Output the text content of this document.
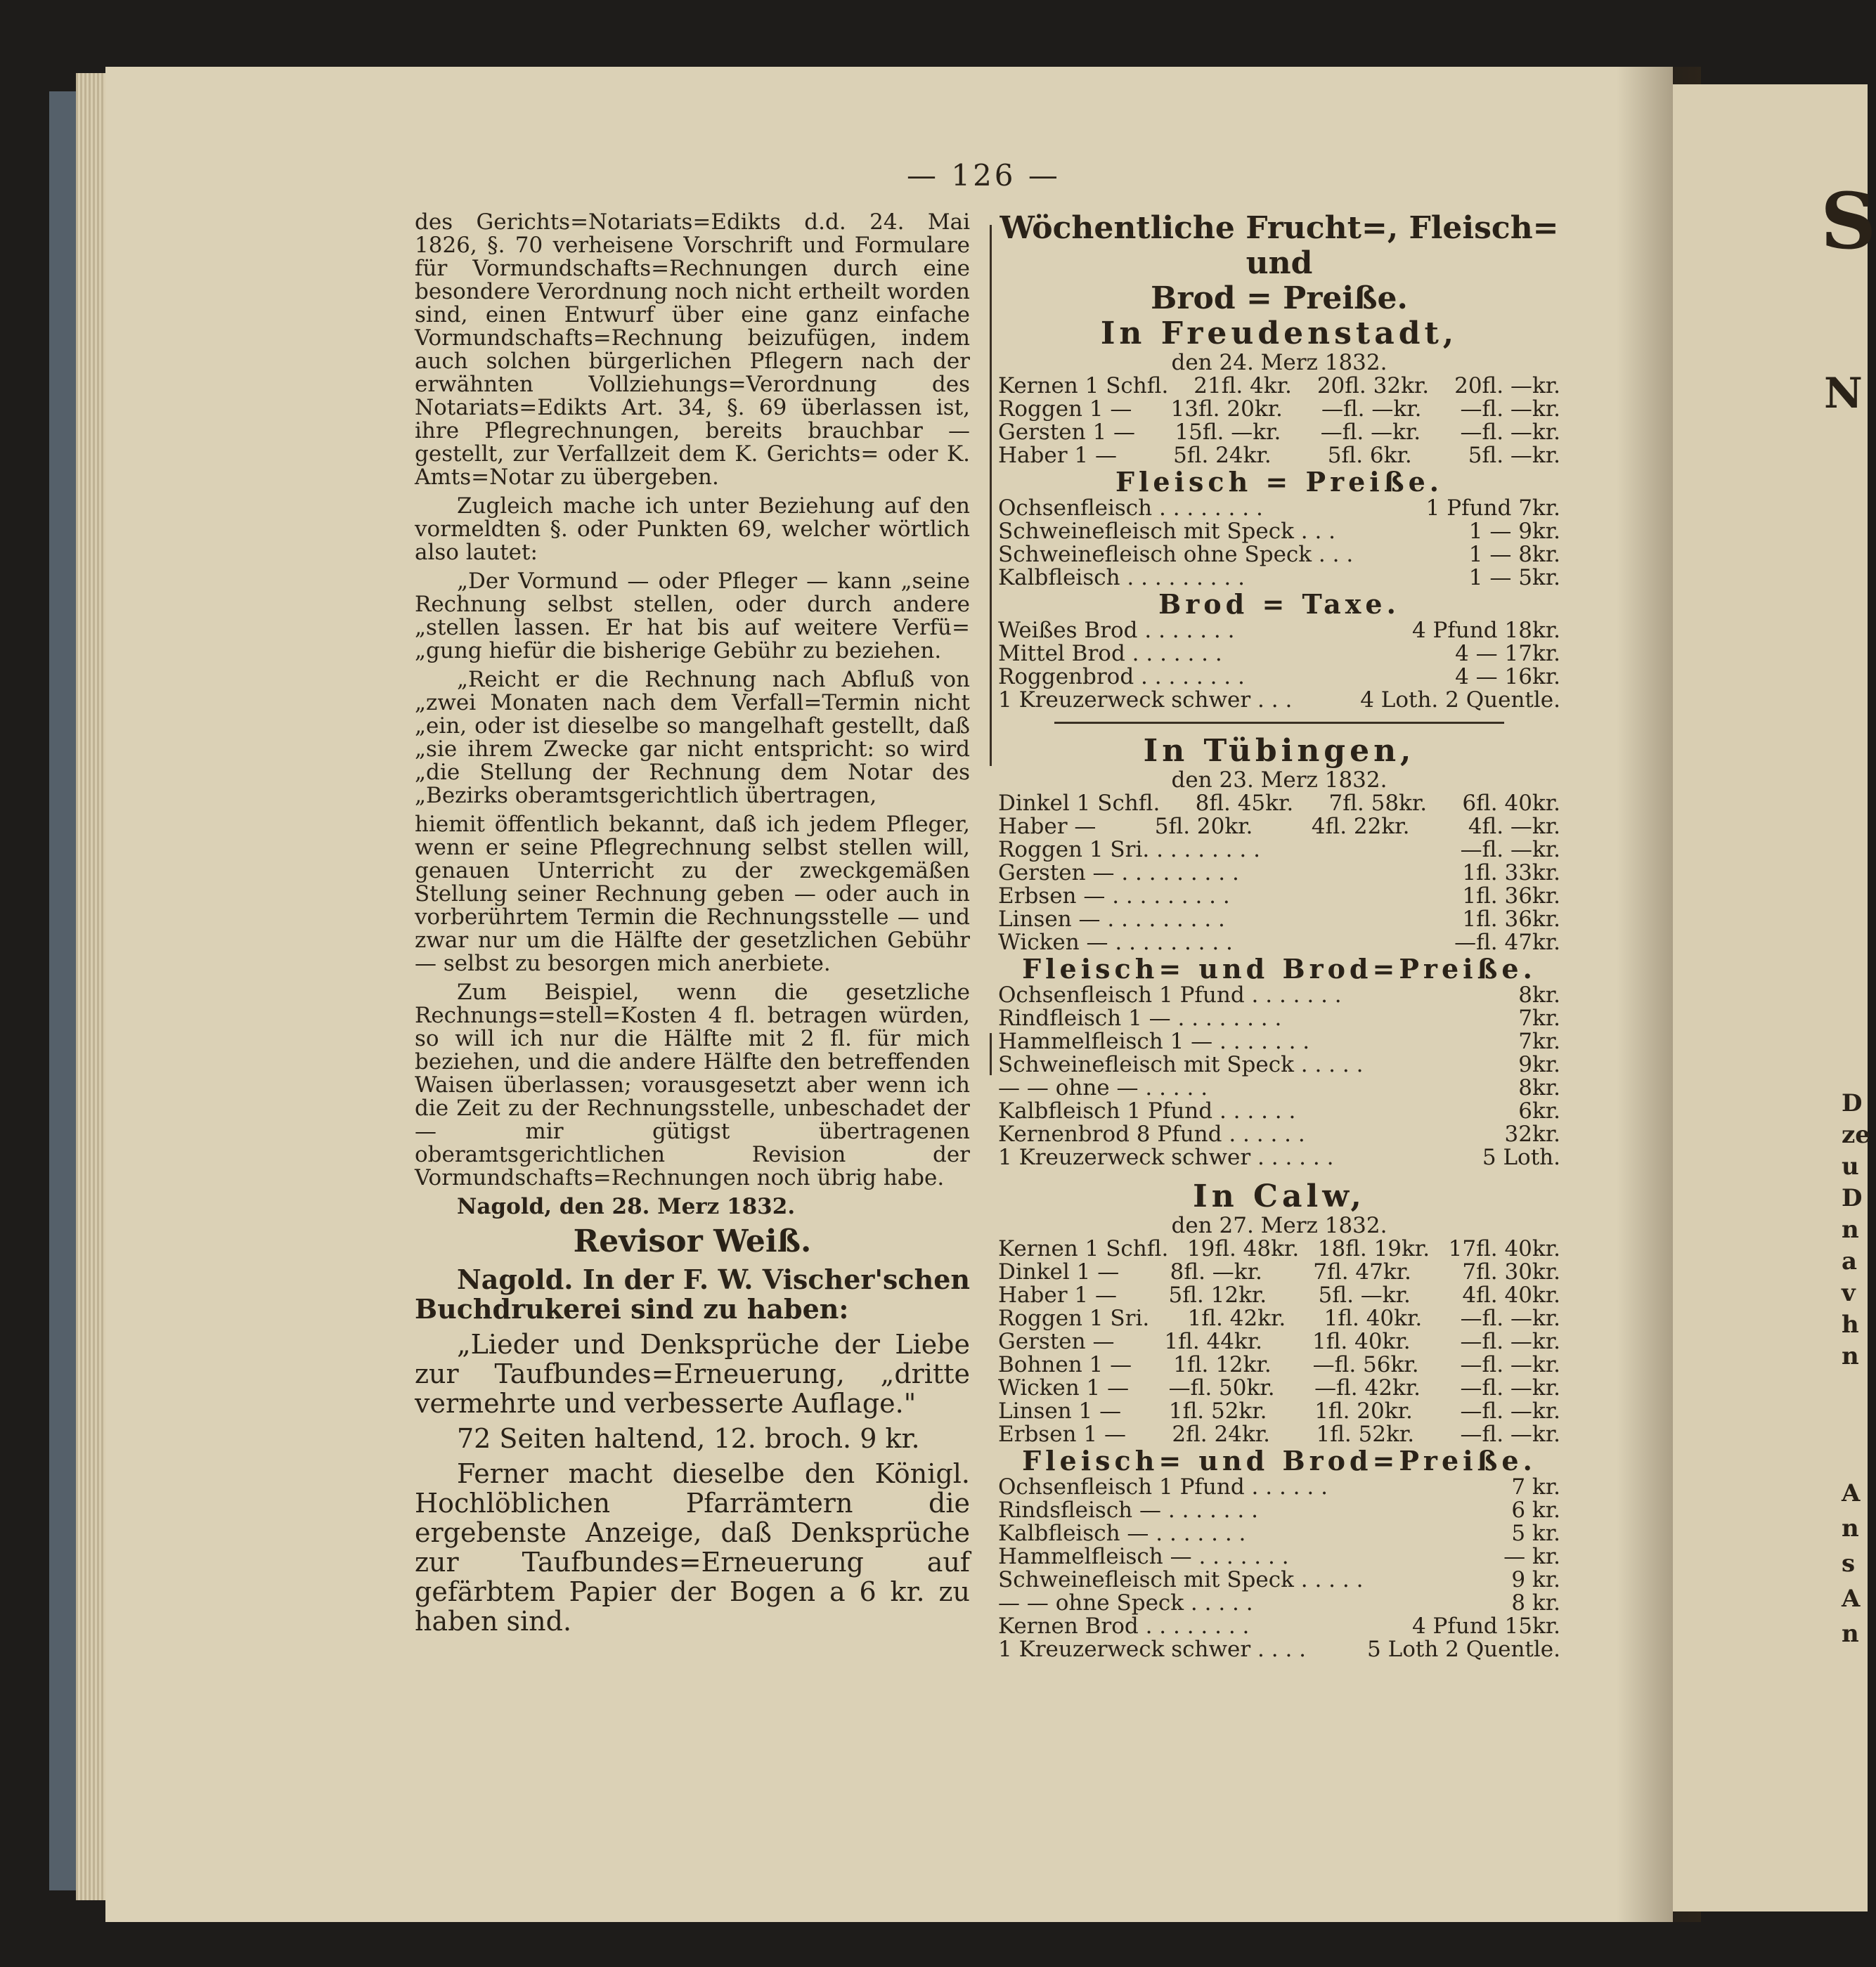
S
N
D
ze
u
D
n
a
v
h
n
A
n
s
A
n
— 126 —

des Gerichts=Notariats=Edikts d.d. 24. Mai 1826, §. 70 verheisene Vorschrift und Formulare für Vormundschafts=Rechnungen durch eine besondere Verordnung noch nicht ertheilt worden sind, einen Entwurf über eine ganz einfache Vormundschafts=Rechnung beizufügen, indem auch solchen bürgerlichen Pflegern nach der erwähnten Vollziehungs=Verordnung des Notariats=Edikts Art. 34, §. 69 überlassen ist, ihre Pflegrechnungen, bereits brauchbar — gestellt, zur Verfallzeit dem K. Gerichts= oder K. Amts=Notar zu übergeben.

Zugleich mache ich unter Beziehung auf den vormeldten §. oder Punkten 69, welcher wörtlich also lautet:

„Der Vormund — oder Pfleger — kann „seine Rechnung selbst stellen, oder durch andere „stellen lassen. Er hat bis auf weitere Verfü= „gung hiefür die bisherige Gebühr zu beziehen.

„Reicht er die Rechnung nach Abfluß von „zwei Monaten nach dem Verfall=Termin nicht „ein, oder ist dieselbe so mangelhaft gestellt, daß „sie ihrem Zwecke gar nicht entspricht: so wird „die Stellung der Rechnung dem Notar des „Bezirks oberamtsgerichtlich übertragen,

hiemit öffentlich bekannt, daß ich jedem Pfleger, wenn er seine Pflegrechnung selbst stellen will, genauen Unterricht zu der zweckgemäßen Stellung seiner Rechnung geben — oder auch in vorberührtem Termin die Rechnungsstelle — und zwar nur um die Hälfte der gesetzlichen Gebühr — selbst zu besorgen mich anerbiete.

Zum Beispiel, wenn die gesetzliche Rechnungs=stell=Kosten 4 fl. betragen würden, so will ich nur die Hälfte mit 2 fl. für mich beziehen, und die andere Hälfte den betreffenden Waisen überlassen; vorausgesetzt aber wenn ich die Zeit zu der Rechnungsstelle, unbeschadet der — mir gütigst übertragenen oberamtsgerichtlichen Revision der Vormundschafts=Rechnungen noch übrig habe.

Nagold, den 28. Merz 1832.

Revisor Weiß.

Nagold. In der F. W. Vischer'schen Buchdrukerei sind zu haben:

„Lieder und Denksprüche der Liebe zur Taufbundes=Erneuerung, „dritte vermehrte und verbesserte Auflage."

72 Seiten haltend, 12. broch. 9 kr.

Ferner macht dieselbe den Königl. Hochlöblichen Pfarrämtern die ergebenste Anzeige, daß Denksprüche zur Taufbundes=Erneuerung auf gefärbtem Papier der Bogen a 6 kr. zu haben sind.

Wöchentliche Frucht=, Fleisch= und
Brod = Preiße.
In Freudenstadt,
den 24. Merz 1832.
Kernen 1 Schfl. 21fl. 4kr. 20fl. 32kr. 20fl. —kr.
Roggen 1 — 13fl. 20kr. —fl. —kr. —fl. —kr.
Gersten 1 — 15fl. —kr. —fl. —kr. —fl. —kr.
Haber 1 —	5fl. 24kr.	5fl. 6kr.	5fl. —kr.
Fleisch = Preiße.
Ochsenfleisch . . . . . . . .	1 Pfund 7kr.
Schweinefleisch mit Speck . . .	1 — 9kr.
Schweinefleisch ohne Speck . . .	1 — 8kr.
Kalbfleisch . . . . . . . . .	1 — 5kr.
Brod = Taxe.
Weißes Brod . . . . . . .	4 Pfund 18kr.
Mittel Brod . . . . . . .	4 — 17kr.
Roggenbrod . . . . . . . .	4 — 16kr.
1 Kreuzerweck schwer . . .	4 Loth. 2 Quentle.
In Tübingen,
den 23. Merz 1832.
Dinkel 1 Schfl. 8fl. 45kr. 7fl. 58kr. 6fl. 40kr.
Haber —	5fl. 20kr.	4fl. 22kr.	4fl. —kr.
Roggen 1 Sri. . . . . . . . .	—fl. —kr.
Gersten — . . . . . . . . .	1fl. 33kr.
Erbsen — . . . . . . . . .	1fl. 36kr.
Linsen — . . . . . . . . .	1fl. 36kr.
Wicken — . . . . . . . . .	—fl. 47kr.
Fleisch= und Brod=Preiße.
Ochsenfleisch 1 Pfund . . . . . . .	8kr.
Rindfleisch 1 — . . . . . . . .	7kr.
Hammelfleisch 1 — . . . . . . .	7kr.
Schweinefleisch mit Speck . . . . .	9kr.
— — ohne — . . . . .	8kr.
Kalbfleisch 1 Pfund . . . . . .	6kr.
Kernenbrod 8 Pfund . . . . . .	32kr.
1 Kreuzerweck schwer . . . . . .	5 Loth.
In Calw,
den 27. Merz 1832.
Kernen 1 Schfl. 19fl. 48kr. 18fl. 19kr. 17fl. 40kr.
Dinkel 1 — 8fl. —kr. 7fl. 47kr. 7fl. 30kr.
Haber 1 — 5fl. 12kr. 5fl. —kr. 4fl. 40kr.
Roggen 1 Sri. 1fl. 42kr. 1fl. 40kr. —fl. —kr.
Gersten — 1fl. 44kr. 1fl. 40kr. —fl. —kr.
Bohnen 1 — 1fl. 12kr. —fl. 56kr. —fl. —kr.
Wicken 1 — —fl. 50kr. —fl. 42kr. —fl. —kr.
Linsen 1 — 1fl. 52kr. 1fl. 20kr. —fl. —kr.
Erbsen 1 — 2fl. 24kr. 1fl. 52kr. —fl. —kr.
Fleisch= und Brod=Preiße.
Ochsenfleisch 1 Pfund . . . . . .	7 kr.
Rindsfleisch — . . . . . . .	6 kr.
Kalbfleisch — . . . . . . .	5 kr.
Hammelfleisch — . . . . . . .	— kr.
Schweinefleisch mit Speck . . . . .	9 kr.
— — ohne Speck . . . . .	8 kr.
Kernen Brod . . . . . . . .	4 Pfund 15kr.
1 Kreuzerweck schwer . . . .	5 Loth 2 Quentle.
